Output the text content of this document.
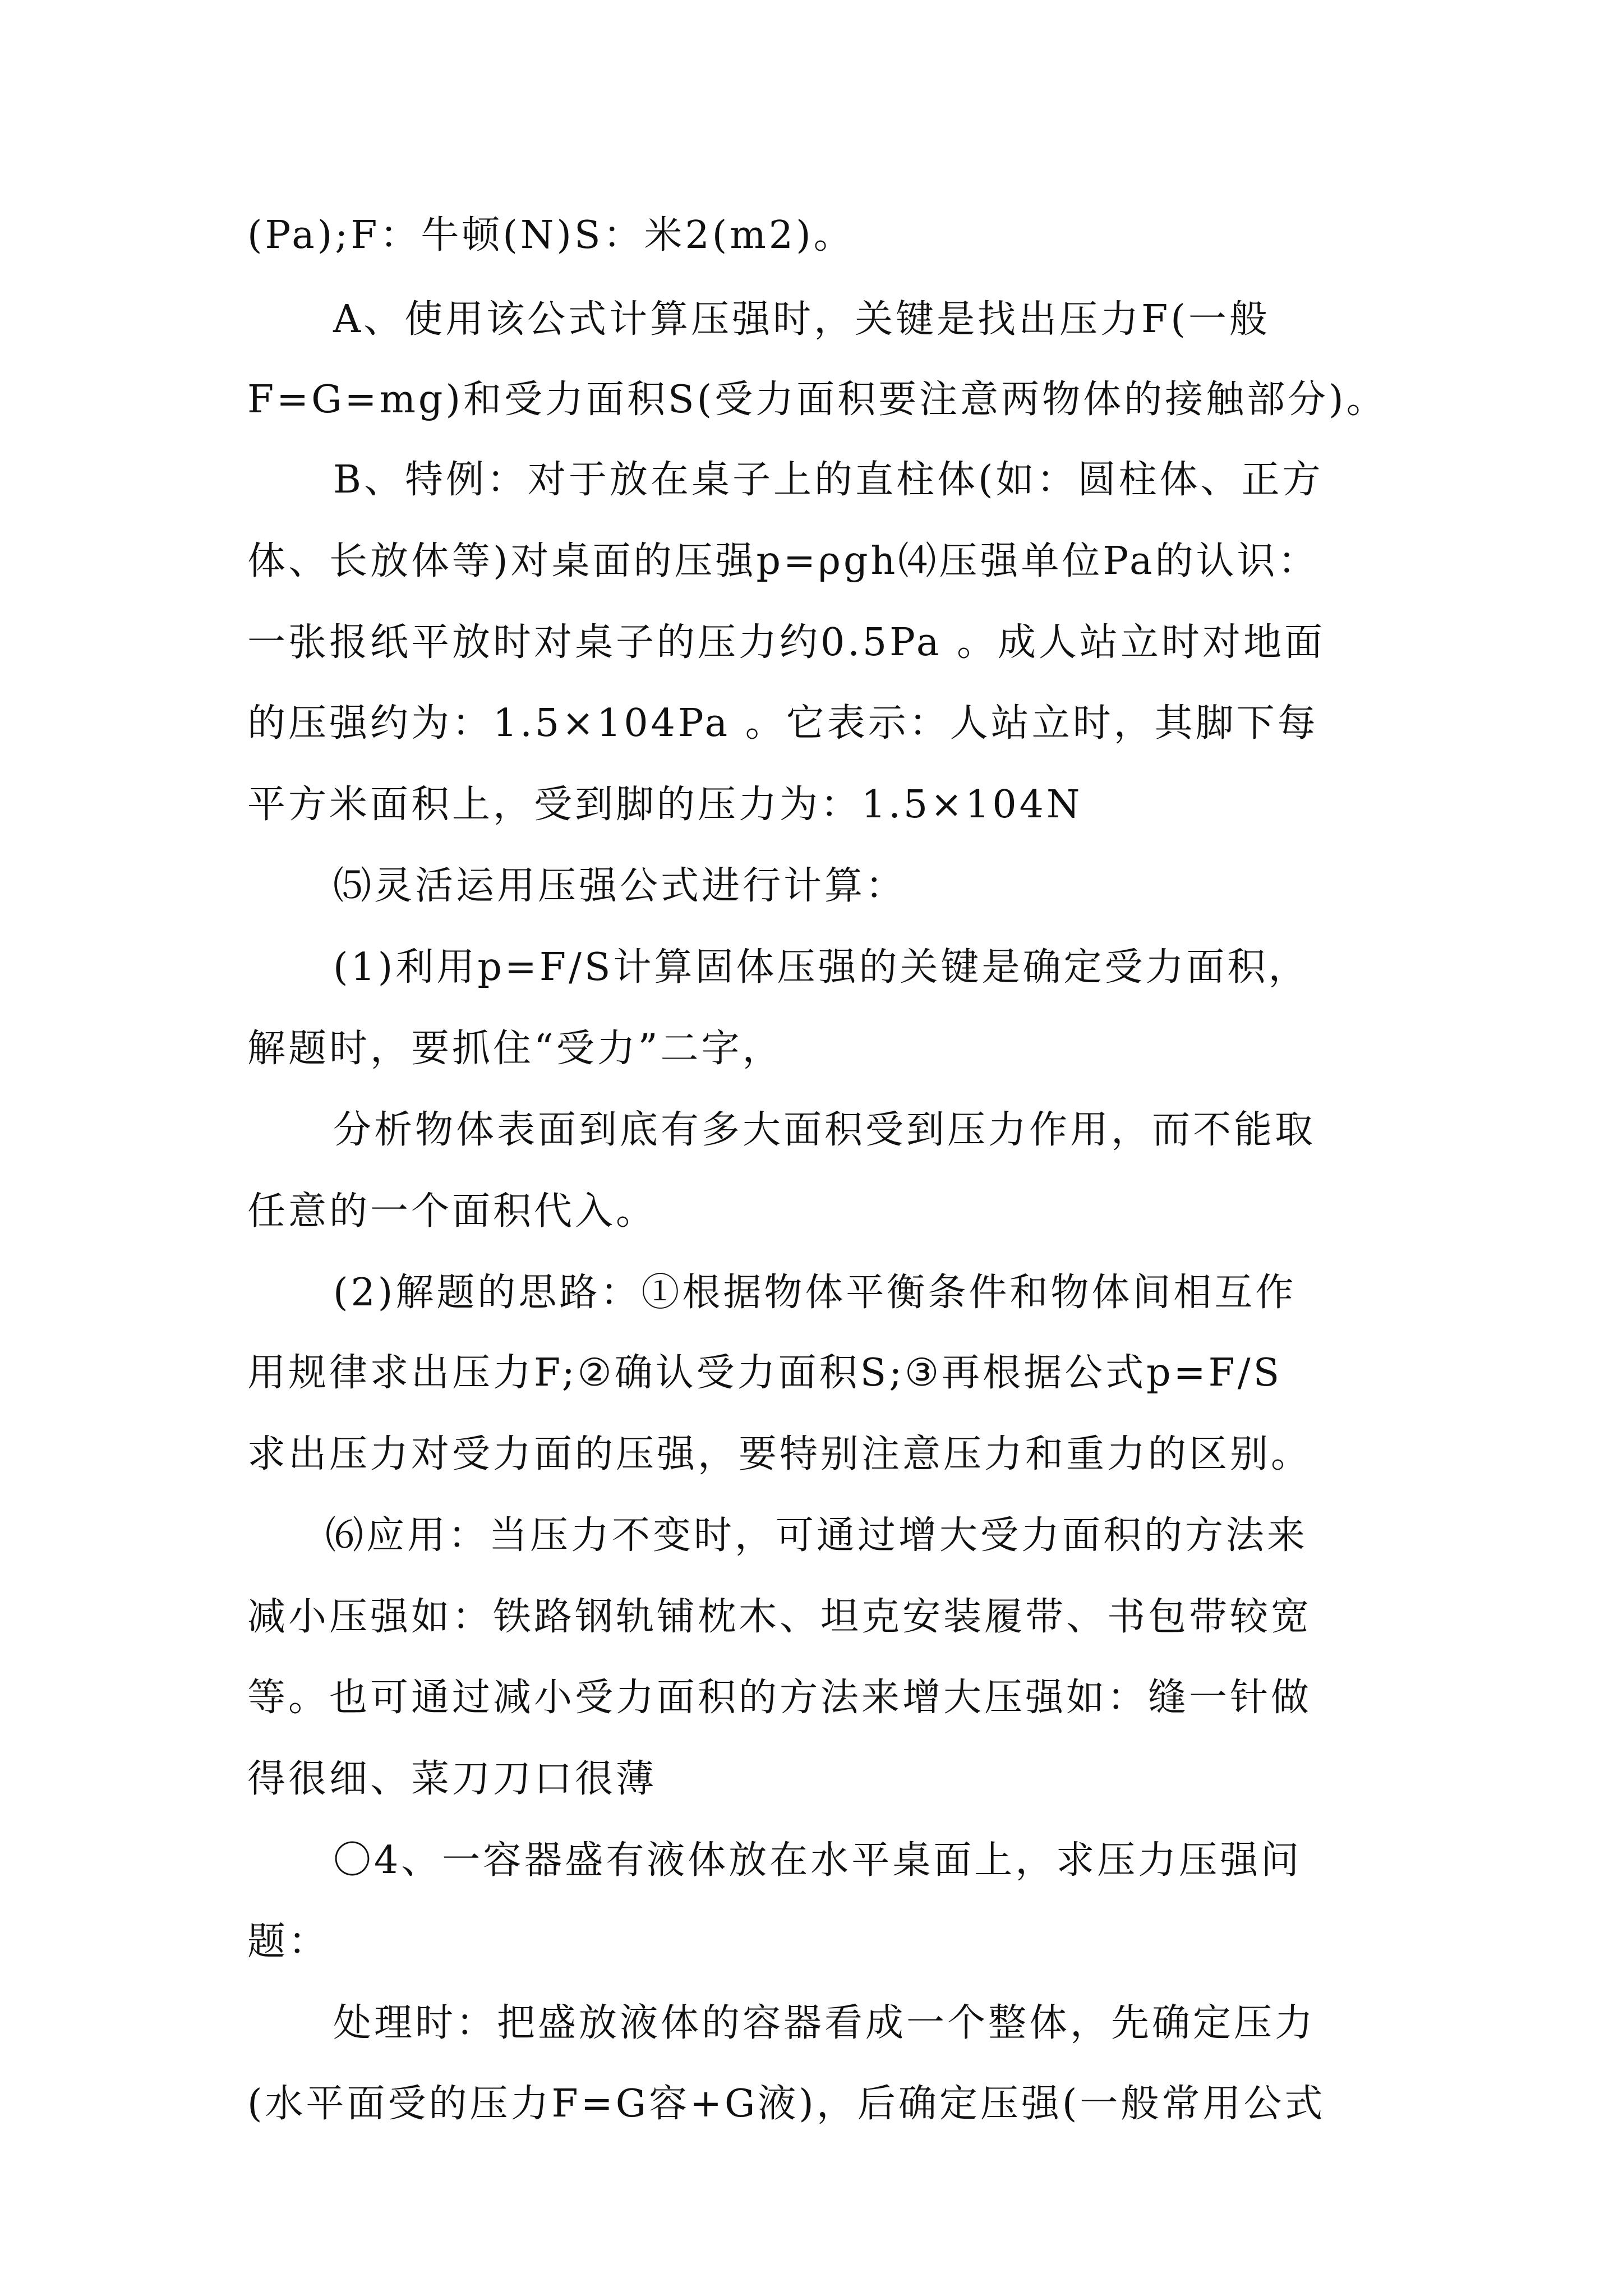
(Pa);F：牛顿(N)S：米2(m2)。
A、使用该公式计算压强时，关键是找出压力F(一般
F=G=mg)和受力面积S(受力面积要注意两物体的接触部分)。
B、特例：对于放在桌子上的直柱体(如：圆柱体、正方
体、长放体等)对桌面的压强p=ρgh⑷压强单位Pa的认识：
一张报纸平放时对桌子的压力约0.5Pa 。成人站立时对地面
的压强约为：1.5×104Pa 。它表示：人站立时，其脚下每
平方米面积上，受到脚的压力为：1.5×104N
⑸灵活运用压强公式进行计算：
(1)利用p=F/S计算固体压强的关键是确定受力面积，
解题时，要抓住“受力”二字，
分析物体表面到底有多大面积受到压力作用，而不能取
任意的一个面积代入。
(2)解题的思路：①根据物体平衡条件和物体间相互作
用规律求出压力F;②确认受力面积S;③再根据公式p=F/S
求出压力对受力面的压强，要特别注意压力和重力的区别。
⑹应用：当压力不变时，可通过增大受力面积的方法来
减小压强如：铁路钢轨铺枕木、坦克安装履带、书包带较宽
等。也可通过减小受力面积的方法来增大压强如：缝一针做
得很细、菜刀刀口很薄
〇4、一容器盛有液体放在水平桌面上，求压力压强问
题：
处理时：把盛放液体的容器看成一个整体，先确定压力
(水平面受的压力F=G容+G液)，后确定压强(一般常用公式
